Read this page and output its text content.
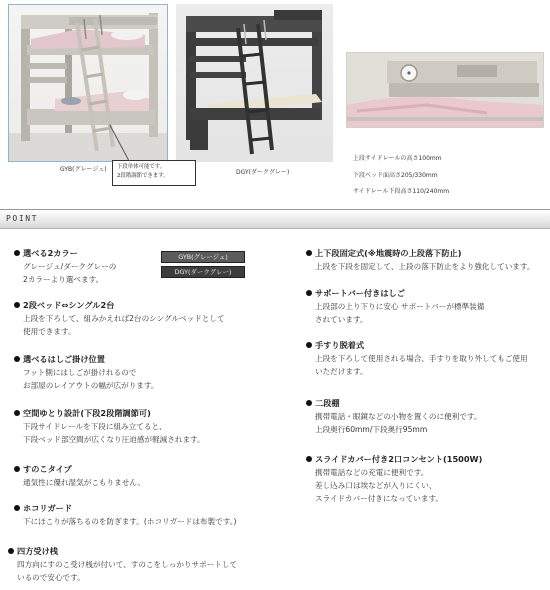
GYB(グレージュ)	DGY(ダークグレー)
下段単体可能です。
2段階調節できます。
上段サイドレールの高さ100mm
下段ベッド面高さ205/330mm
サイドレール下段高さ110/240mm
POINT
GYB(グレージュ)
DGY(ダークグレー)
選べる2カラー
グレージュ/ダークグレーの
2カラーより選べます。
2段ベッド⇔シングル2台
上段を下ろして、組みかえれば2台のシングルベッドとして
使用できます。
選べるはしご掛け位置
フット側にはしごが掛けれるので
お部屋のレイアウトの幅が広がります。
空間ゆとり設計(下段2段階調節可)
下段サイドレールを下段に組み立てると、
下段ベッド部空間が広くなり圧迫感が軽減されます。
すのこタイプ
通気性に優れ湿気がこもりません。
ホコリガード
下にほこりが落ちるのを防ぎます。(ホコリガードは布製です。)
四方受け桟
四方向にすのこ受け桟が付いて、すのこをしっかりサポートして
いるので安心です。
上下段固定式(※地震時の上段落下防止)
上段を下段を固定して、上段の落下防止をより強化しています。
サポートバー付きはしご
上段部の上り下りに安心 サポートバーが標準装備
されています。
手すり脱着式
上段を下ろして使用される場合、手すりを取り外してもご使用
いただけます。
二段棚
携帯電話・眼鏡などの小物を置くのに便利です。
上段奥行60mm/下段奥行95mm
スライドカバー付き2口コンセント(1500W)
携帯電話などの充電に便利です。
差し込み口は埃などが入りにくい、
スライドカバー付きになっています。
